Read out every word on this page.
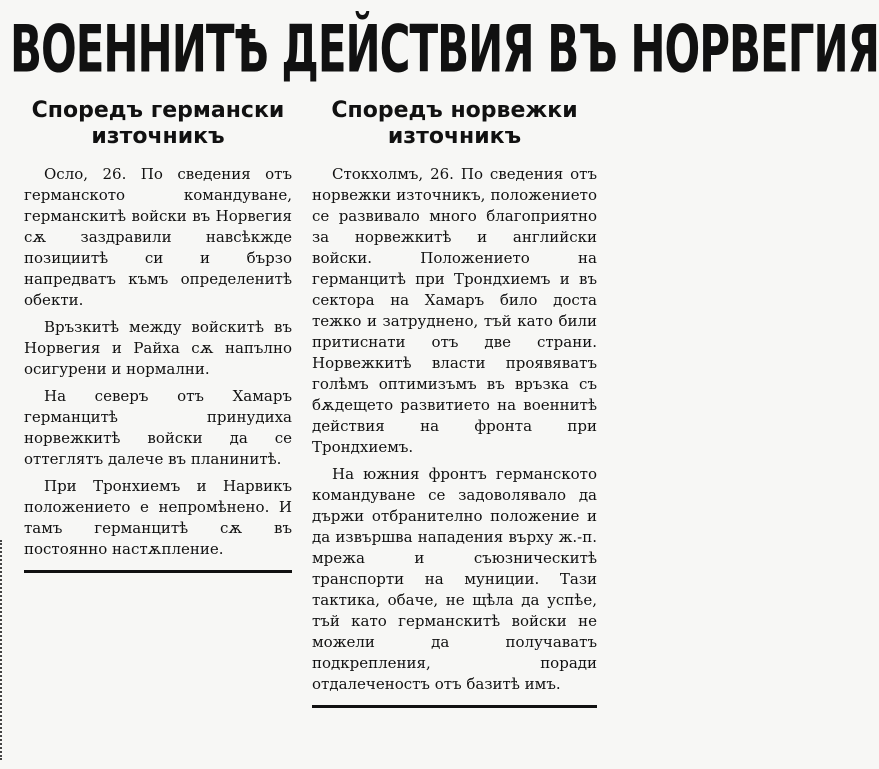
ВОЕННИТѢ ДЕЙСТВИЯ ВЪ НОРВЕГИЯ
Споредъ германски източникъ
Осло, 26. По сведения отъ германското командуване, германскитѣ войски въ Норвегия сѫ заздравили навсѣкжде позициитѣ си и бързо напредватъ къмъ определенитѣ обекти.
Връзкитѣ между войскитѣ въ Норвегия и Райха сѫ напълно осигурени и нормални.
На северъ отъ Хамаръ германцитѣ принудиха норвежкитѣ войски да се оттеглятъ далече въ планинитѣ.
При Тронхиемъ и Нарвикъ положението е непромѣнено. И тамъ германцитѣ сѫ въ постоянно настѫпление.
Споредъ норвежки източникъ
Стокхолмъ, 26. По сведения отъ норвежки източникъ, положението се развивало много благоприятно за норвежкитѣ и английски войски. Положението на германцитѣ при Трондхиемъ и въ сектора на Хамаръ било доста тежко и затруднено, тъй като били притиснати отъ две страни. Норвежкитѣ власти проявяватъ голѣмъ оптимизъмъ въ връзка съ бѫдещето развитието на военнитѣ действия на фронта при Трондхиемъ.
На южния фронтъ германското командуване се задоволявало да държи отбранително положение и да извършва нападения върху ж.-п. мрежа и съюзническитѣ транспорти на муниции. Тази тактика, обаче, не щѣла да успѣе, тъй като германскитѣ войски не можели да получаватъ подкрепления, поради отдалеченостъ отъ базитѣ имъ.
